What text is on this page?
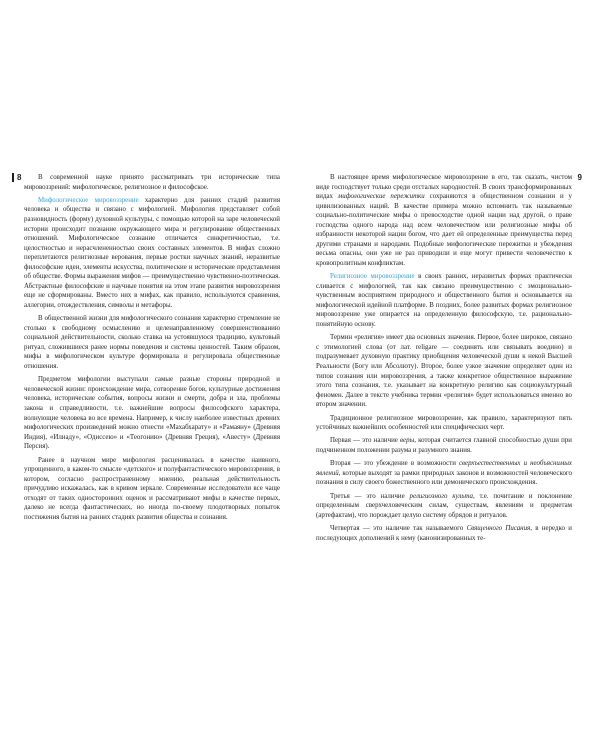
8	В современной науке принято рассматривать три исторические типа мировоззрений: мифологическое, религиозное и философское.
Мифологическое мировоззрение характерно для ранних стадий развития человека и общества и связано с мифологией. Мифология представляет собой разновидность (форму) духовной культуры, с помощью которой на заре человеческой истории происходит познание окружающего мира и регулирование общественных отношений. Мифологическое сознание отличается синкретичностью, т.е. целостностью и нерасчлененностью своих составных элементов. В мифах сложно переплетаются религиозные верования, первые ростки научных знаний, неразвитые философские идеи, элементы искусства, политические и исторические представления об обществе. Формы выражения мифов — преимущественно чувственно-поэтическая. Абстрактные философские и научные понятия на этом этапе развития мировоззрения еще не сформированы. Вместо них в мифах, как правило, используются сравнения, аллегории, отождествления, символы и метафоры.
В общественной жизни для мифологического сознания характерно стремление не столько к свободному осмыслению и целенаправленному совершенствованию социальной действительности, сколько ставка на устоявшуюся традицию, культовый ритуал, сложившиеся ранее нормы поведения и системы ценностей. Таким образом, мифы в мифологическом культуре формировала и регулировала общественные отношения.
Предметом мифологии выступали самые разные стороны природной и человеческой жизни: происхождение мира, сотворение богов, культурные достижения человека, исторические события, вопросы жизни и смерти, добра и зла, проблемы закона и справедливости, т.е. важнейшие вопросы философского характера, волнующие человека во все времена. Например, к числу наиболее известных древних мифологических произведений можно отнести «Махабхарату» и «Рамаяну» (Древняя Индия), «Илиаду», «Одиссею» и «Теогонию» (Древняя Греция), «Авесту» (Древняя Персия).
Ранее в научном мире мифология расценивалась в качестве наивного, упрощенного, в каком-то смысле «детского» и полуфантастического мировоззрения, в котором, согласно распространенному мнению, реальная действительность причудливо искажалась, как в кривом зеркале. Современные исследователи все чаще отходят от таких односторонних оценок и рассматривают мифы в качестве первых, далеко не всегда фантастических, но иногда по-своему плодотворных попыток постижения бытия на ранних стадиях развития общества и сознания.
9
В настоящее время мифологическое мировоззрение в его, так сказать, чистом виде господствует только среди отсталых народностей. В своих трансформированных видах мифологические пережитки сохраняются в общественном сознании и у цивилизованных наций. В качестве примера можно вспомнить так называемые социально-политические мифы о превосходстве одной нации над другой, о праве господства одного народа над всем человечеством или религиозные мифы об избранности некоторой нации богом, что дает ей определенные преимущества перед другими странами и народами. Подобные мифологические пережитки и убеждения весьма опасны, они уже не раз приводили и еще могут привести человечество к кровопролитным конфликтам.
Религиозное мировоззрение в своих ранних, неразвитых формах практически сливается с мифологией, так как связано преимущественно с эмоционально-чувственным восприятием природного и общественного бытия и основывается на мифологической идейной платформе. В поздних, более развитых формах религиозное мировоззрение уже опирается на определенную философскую, т.е. рационально-понятийную основу.
Термин «религия» имеет два основных значения. Первое, более широкое, связано с этимологией слова (от лат. religare — соединять или связывать воедино) и подразумевает духовную практику приобщения человеческой души к некой Высшей Реальности (Богу или Абсолюту). Второе, более узкое значение определяет один из типов сознания или мировоззрения, а также конкретное общественное выражение этого типа сознания, т.е. указывает на конкретную религию как социокультурный феномен. Далее в тексте учебника термин «религия» будет использоваться именно во втором значении.
Традиционное религиозное мировоззрение, как правило, характеризуют пять устойчивых важнейших особенностей или специфических черт.
Первая — это наличие веры, которая считается главной способностью души при подчиненном положении разума и разумного знания.
Вторая — это убеждение в возможности сверхъестественных и необъяснимых явлений, которые выходят за рамки природных законов и возможностей человеческого познания в силу своего божественного или демонического происхождения.
Третья — это наличие религиозного культа, т.е. почитание и поклонение определенным сверхчеловеческим силам, существам, явлениям и предметам (артефактам), что порождает целую систему обрядов и ритуалов.
Четвертая — это наличие так называемого Священного Писания, в нередко и последующих дополнений к нему (канонизированных те-
